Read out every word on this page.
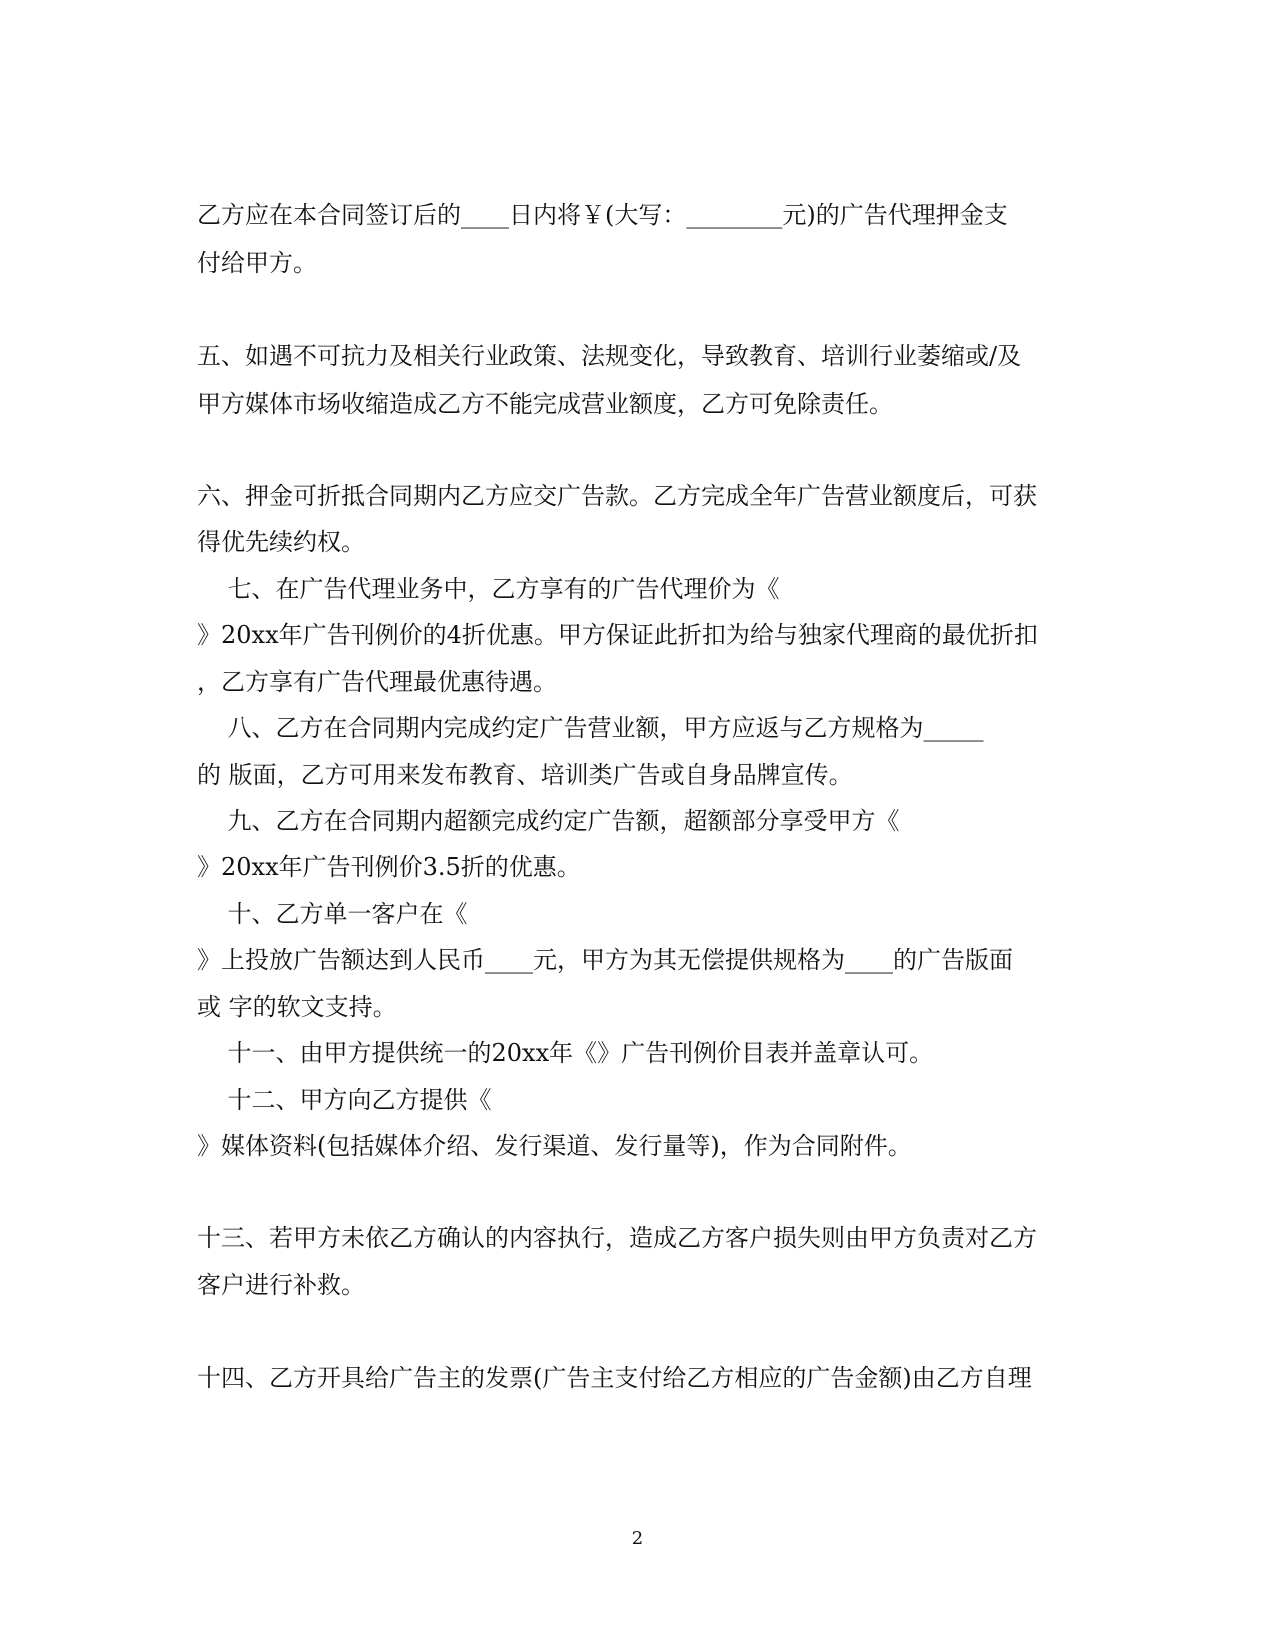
乙方应在本合同签订后的____日内将￥(大写：________元)的广告代理押金支
付给甲方。
五、如遇不可抗力及相关行业政策、法规变化，导致教育、培训行业萎缩或/及
甲方媒体市场收缩造成乙方不能完成营业额度，乙方可免除责任。
六、押金可折抵合同期内乙方应交广告款。乙方完成全年广告营业额度后，可获
得优先续约权。
七、在广告代理业务中，乙方享有的广告代理价为《
》20xx年广告刊例价的4折优惠。甲方保证此折扣为给与独家代理商的最优折扣
，乙方享有广告代理最优惠待遇。
八、乙方在合同期内完成约定广告营业额，甲方应返与乙方规格为_____
的 版面，乙方可用来发布教育、培训类广告或自身品牌宣传。
九、乙方在合同期内超额完成约定广告额，超额部分享受甲方《
》20xx年广告刊例价3.5折的优惠。
十、乙方单一客户在《
》上投放广告额达到人民币____元，甲方为其无偿提供规格为____的广告版面
或 字的软文支持。
十一、由甲方提供统一的20xx年《》广告刊例价目表并盖章认可。
十二、甲方向乙方提供《
》媒体资料(包括媒体介绍、发行渠道、发行量等)，作为合同附件。
十三、若甲方未依乙方确认的内容执行，造成乙方客户损失则由甲方负责对乙方
客户进行补救。
十四、乙方开具给广告主的发票(广告主支付给乙方相应的广告金额)由乙方自理
2
